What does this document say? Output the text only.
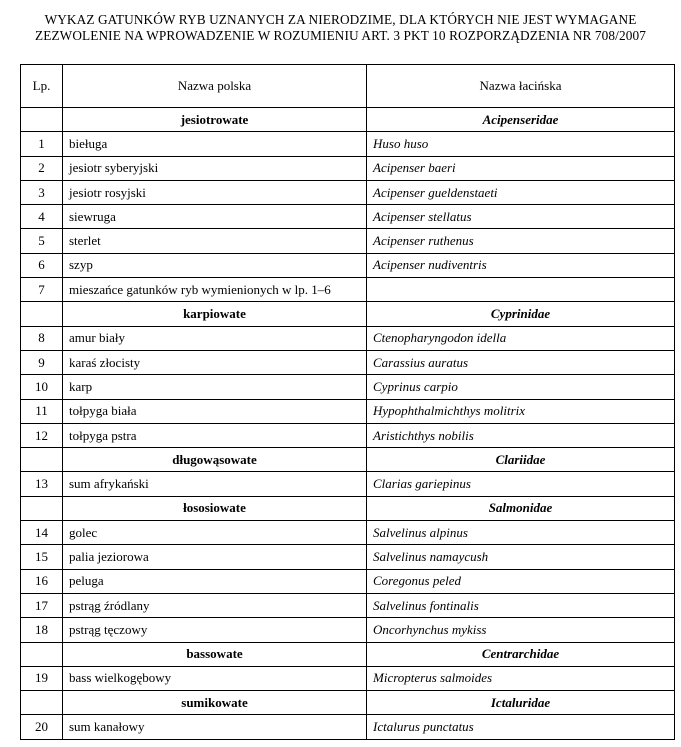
WYKAZ GATUNKÓW RYB UZNANYCH ZA NIERODZIME, DLA KTÓRYCH NIE JEST WYMAGANE
ZEZWOLENIE NA WPROWADZENIE W ROZUMIENIU ART. 3 PKT 10 ROZPORZĄDZENIA NR 708/2007
Lp.	Nazwa polska	Nazwa łacińska
	jesiotrowate	Acipenseridae
1	bieługa	Huso huso
2	jesiotr syberyjski	Acipenser baeri
3	jesiotr rosyjski	Acipenser gueldenstaeti
4	siewruga	Acipenser stellatus
5	sterlet	Acipenser ruthenus
6	szyp	Acipenser nudiventris
7	mieszańce gatunków ryb wymienionych w lp. 1–6	
	karpiowate	Cyprinidae
8	amur biały	Ctenopharyngodon idella
9	karaś złocisty	Carassius auratus
10	karp	Cyprinus carpio
11	tołpyga biała	Hypophthalmichthys molitrix
12	tołpyga pstra	Aristichthys nobilis
	długowąsowate	Clariidae
13	sum afrykański	Clarias gariepinus
	łososiowate	Salmonidae
14	golec	Salvelinus alpinus
15	palia jeziorowa	Salvelinus namaycush
16	peluga	Coregonus peled
17	pstrąg źródlany	Salvelinus fontinalis
18	pstrąg tęczowy	Oncorhynchus mykiss
	bassowate	Centrarchidae
19	bass wielkogębowy	Micropterus salmoides
	sumikowate	Ictaluridae
20	sum kanałowy	Ictalurus punctatus
